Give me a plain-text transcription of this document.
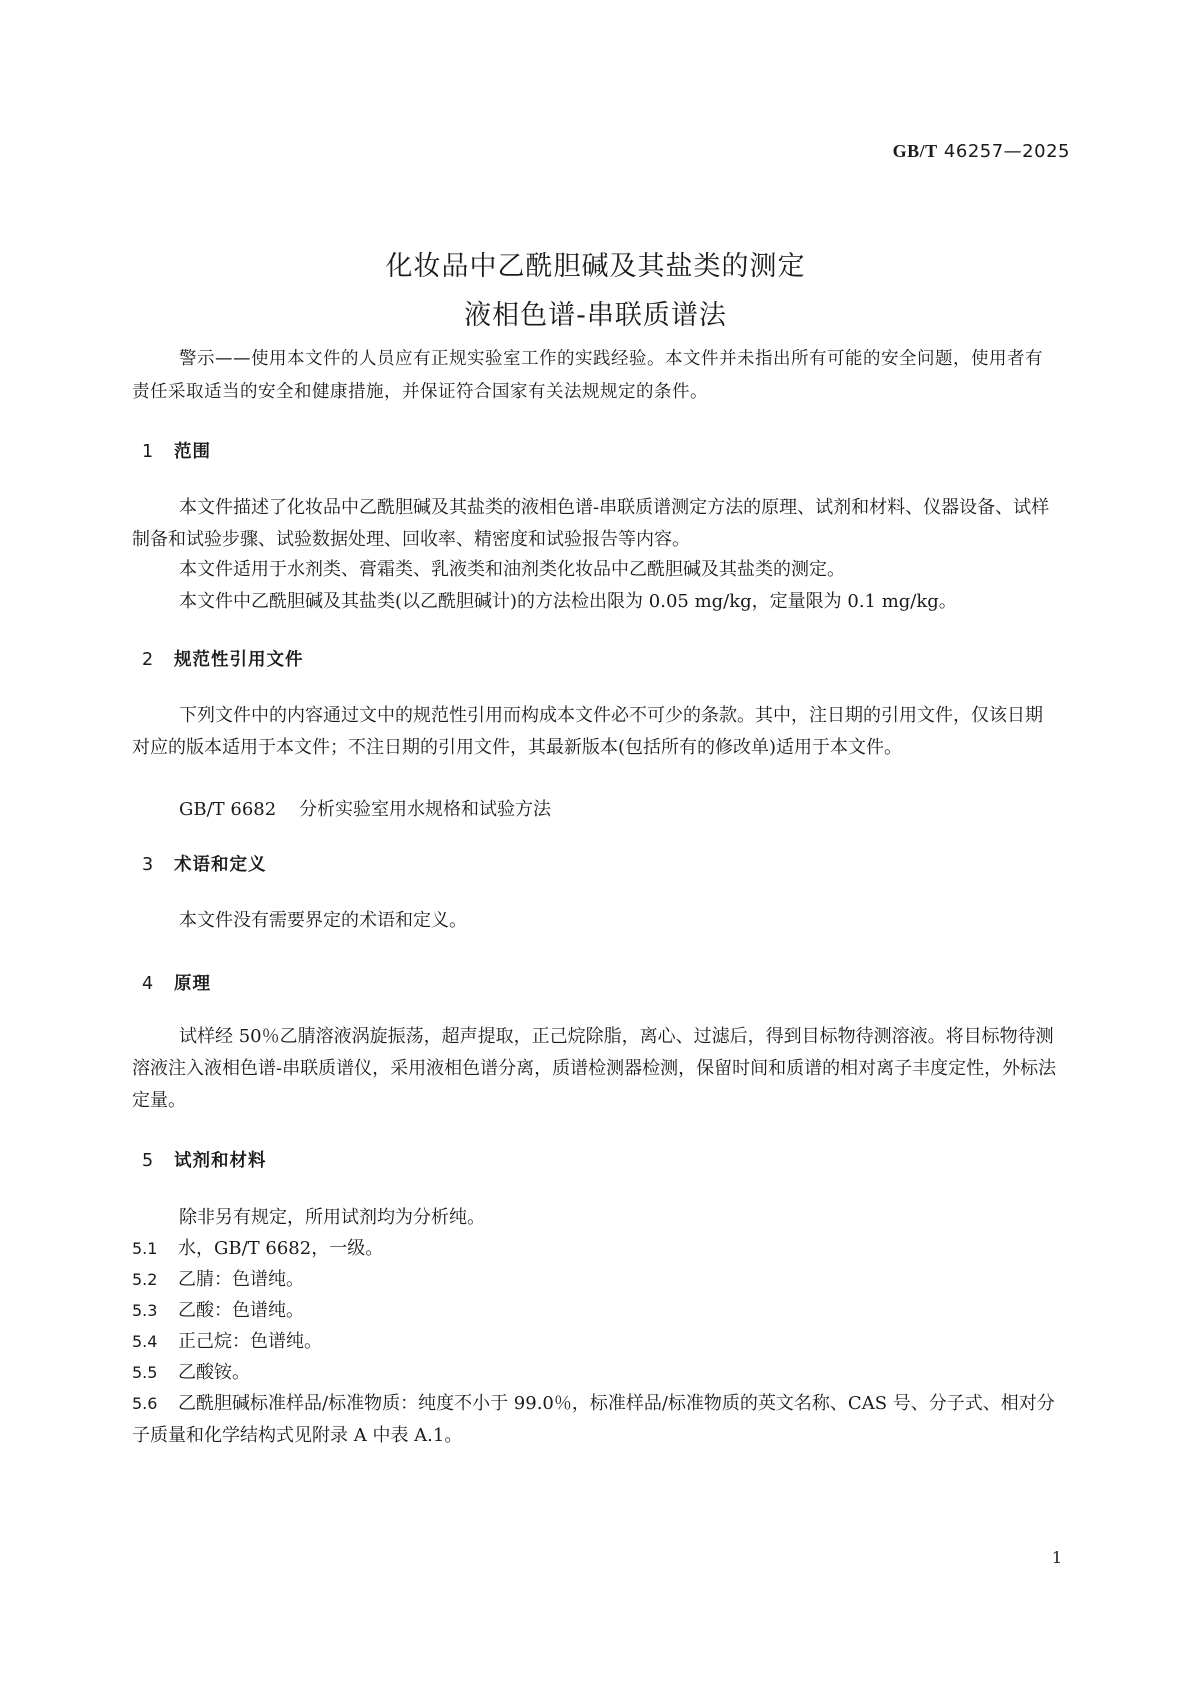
GB/T 46257—2025
化妆品中乙酰胆碱及其盐类的测定
液相色谱-串联质谱法

警示——使用本文件的人员应有正规实验室工作的实践经验。本文件并未指出所有可能的安全问题，使用者有责任采取适当的安全和健康措施，并保证符合国家有关法规规定的条件。

1 范围

本文件描述了化妆品中乙酰胆碱及其盐类的液相色谱-串联质谱测定方法的原理、试剂和材料、仪器设备、试样制备和试验步骤、试验数据处理、回收率、精密度和试验报告等内容。

本文件适用于水剂类、膏霜类、乳液类和油剂类化妆品中乙酰胆碱及其盐类的测定。

本文件中乙酰胆碱及其盐类(以乙酰胆碱计)的方法检出限为 0.05 mg/kg，定量限为 0.1 mg/kg。

2 规范性引用文件

下列文件中的内容通过文中的规范性引用而构成本文件必不可少的条款。其中，注日期的引用文件，仅该日期对应的版本适用于本文件；不注日期的引用文件，其最新版本(包括所有的修改单)适用于本文件。

GB/T 6682 分析实验室用水规格和试验方法
3 术语和定义

本文件没有需要界定的术语和定义。

4 原理

试样经 50％乙腈溶液涡旋振荡，超声提取，正己烷除脂，离心、过滤后，得到目标物待测溶液。将目标物待测溶液注入液相色谱-串联质谱仪，采用液相色谱分离，质谱检测器检测，保留时间和质谱的相对离子丰度定性，外标法定量。

5 试剂和材料

除非另有规定，所用试剂均为分析纯。

5.1 水，GB/T 6682，一级。
5.2 乙腈：色谱纯。
5.3 乙酸：色谱纯。
5.4 正己烷：色谱纯。
5.5 乙酸铵。
5.6 乙酰胆碱标准样品/标准物质：纯度不小于 99.0％，标准样品/标准物质的英文名称、CAS 号、分子式、相对分子质量和化学结构式见附录 A 中表 A.1。
1
